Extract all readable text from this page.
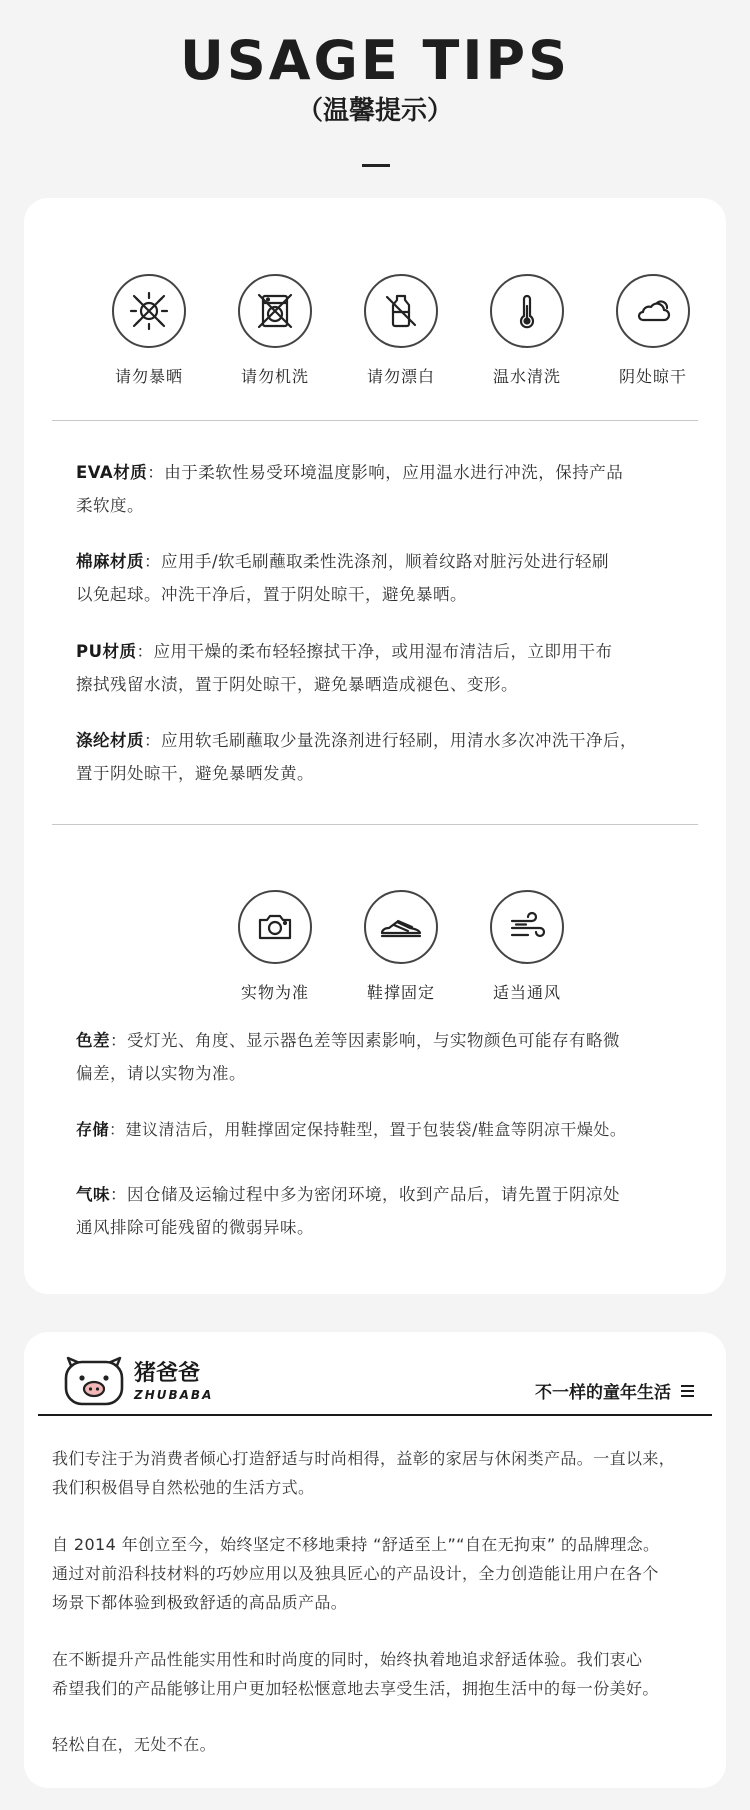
USAGE TIPS
（温馨提示）
请勿暴晒	请勿机洗	请勿漂白	温水清洗	阴处晾干
EVA材质：由于柔软性易受环境温度影响，应用温水进行冲洗，保持产品
柔软度。
棉麻材质：应用手/软毛刷蘸取柔性洗涤剂，顺着纹路对脏污处进行轻刷
以免起球。冲洗干净后，置于阴处晾干，避免暴晒。
PU材质：应用干燥的柔布轻轻擦拭干净，或用湿布清洁后，立即用干布
擦拭残留水渍，置于阴处晾干，避免暴晒造成褪色、变形。
涤纶材质：应用软毛刷蘸取少量洗涤剂进行轻刷，用清水多次冲洗干净后，
置于阴处晾干，避免暴晒发黄。
实物为准	鞋撑固定	适当通风
色差：受灯光、角度、显示器色差等因素影响，与实物颜色可能存有略微
偏差，请以实物为准。
存储：建议清洁后，用鞋撑固定保持鞋型，置于包装袋/鞋盒等阴凉干燥处。
气味：因仓储及运输过程中多为密闭环境，收到产品后，请先置于阴凉处
通风排除可能残留的微弱异味。
猪爸爸
ZHUBABA	不一样的童年生活
我们专注于为消费者倾心打造舒适与时尚相得，益彰的家居与休闲类产品。一直以来，
我们积极倡导自然松弛的生活方式。
自 2014 年创立至今，始终坚定不移地秉持 “舒适至上”“自在无拘束” 的品牌理念。
通过对前沿科技材料的巧妙应用以及独具匠心的产品设计，全力创造能让用户在各个
场景下都体验到极致舒适的高品质产品。
在不断提升产品性能实用性和时尚度的同时，始终执着地追求舒适体验。我们衷心
希望我们的产品能够让用户更加轻松惬意地去享受生活，拥抱生活中的每一份美好。
轻松自在，无处不在。
